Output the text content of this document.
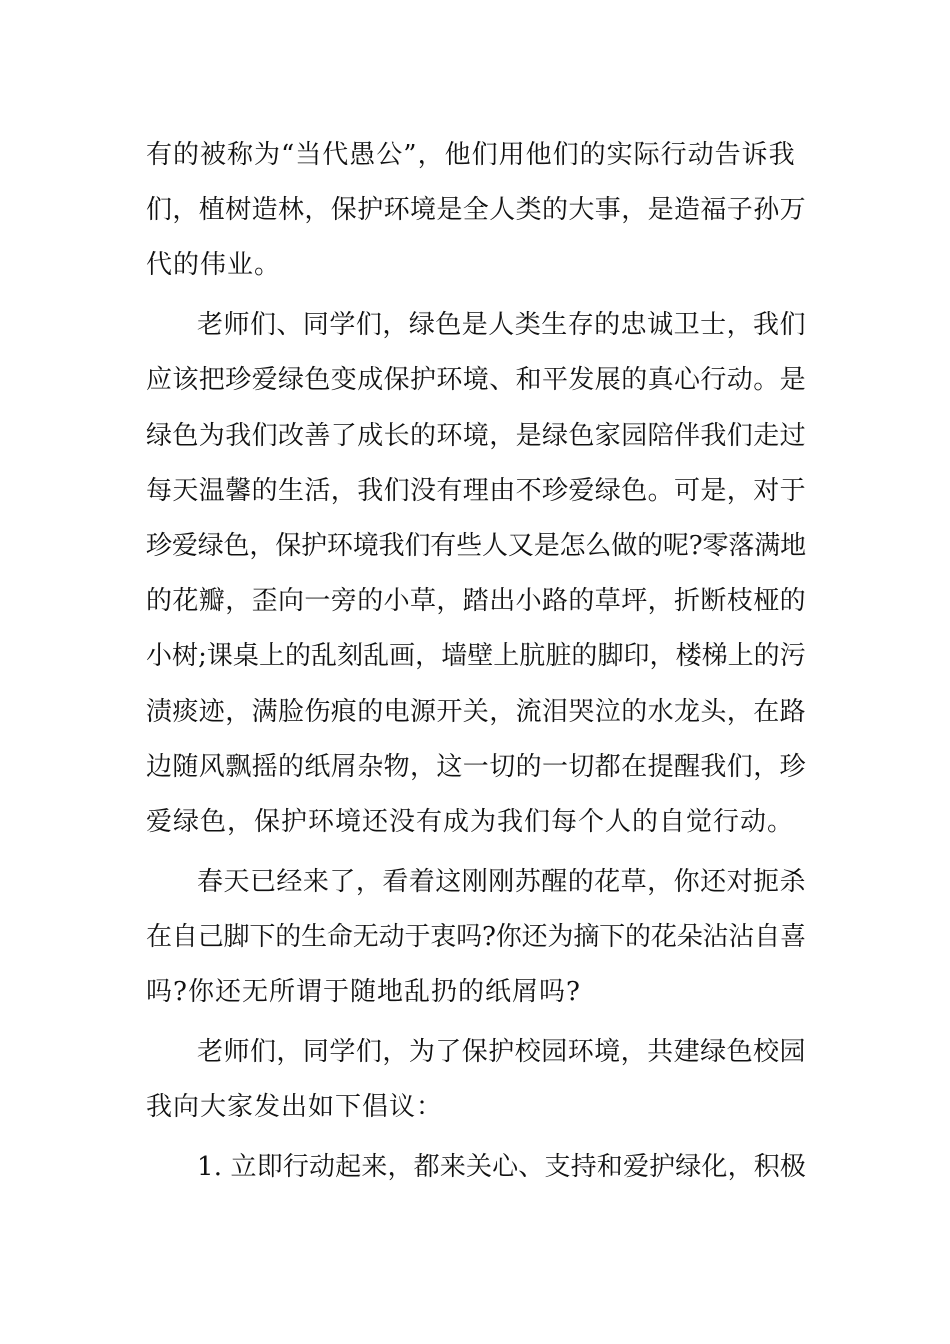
有的被称为“当代愚公”，他们用他们的实际行动告诉我
们，植树造林，保护环境是全人类的大事，是造福子孙万
代的伟业。
老师们、同学们，绿色是人类生存的忠诚卫士，我们
应该把珍爱绿色变成保护环境、和平发展的真心行动。是
绿色为我们改善了成长的环境，是绿色家园陪伴我们走过
每天温馨的生活，我们没有理由不珍爱绿色。可是，对于
珍爱绿色，保护环境我们有些人又是怎么做的呢?零落满地
的花瓣，歪向一旁的小草，踏出小路的草坪，折断枝桠的
小树;课桌上的乱刻乱画，墙壁上肮脏的脚印，楼梯上的污
渍痰迹，满脸伤痕的电源开关，流泪哭泣的水龙头，在路
边随风飘摇的纸屑杂物，这一切的一切都在提醒我们，珍
爱绿色，保护环境还没有成为我们每个人的自觉行动。
春天已经来了，看着这刚刚苏醒的花草，你还对扼杀
在自己脚下的生命无动于衷吗?你还为摘下的花朵沾沾自喜
吗?你还无所谓于随地乱扔的纸屑吗?
老师们，同学们，为了保护校园环境，共建绿色校园
我向大家发出如下倡议：
1. 立即行动起来，都来关心、支持和爱护绿化，积极
